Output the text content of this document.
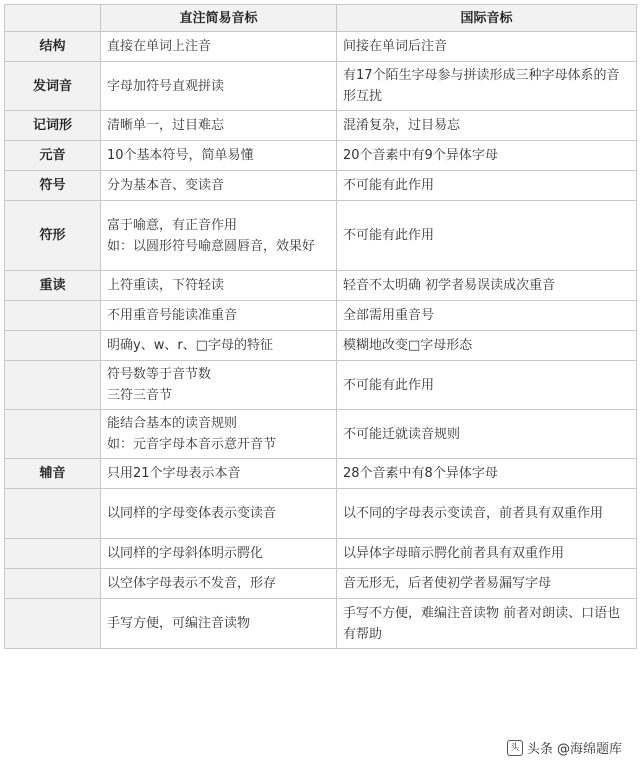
	直注简易音标	国际音标
结构	直接在单词上注音	间接在单词后注音

发词音	字母加符号直观拼读	有17个陌生字母参与拼读形成三种字母体系的音形互扰

记词形	清晰单一，过目难忘	混淆复杂，过目易忘

元音	10个基本符号，简单易懂	20个音素中有9个异体字母

符号	分为基本音、变读音	不可能有此作用

符形	富于喻意，有正音作用
如：以圆形符号喻意圆唇音，效果好	不可能有此作用

重读	上符重读，下符轻读	轻音不太明确 初学者易误读成次重音

	不用重音号能读准重音	全部需用重音号

	明确y、w、r、□字母的特征	模糊地改变□字母形态

	符号数等于音节数
三符三音节	不可能有此作用

	能结合基本的读音规则
如：元音字母本音示意开音节	不可能迁就读音规则

辅音	只用21个字母表示本音	28个音素中有8个异体字母

	以同样的字母变体表示变读音	以不同的字母表示变读音，前者具有双重作用

	以同样的字母斜体明示腭化	以异体字母暗示腭化前者具有双重作用

	以空体字母表示不发音，形存	音无形无，后者使初学者易漏写字母

	手写方便，可编注音读物	手写不方便，难编注音读物 前者对朗读、口语也有帮助
头 头条 @海绵题库
